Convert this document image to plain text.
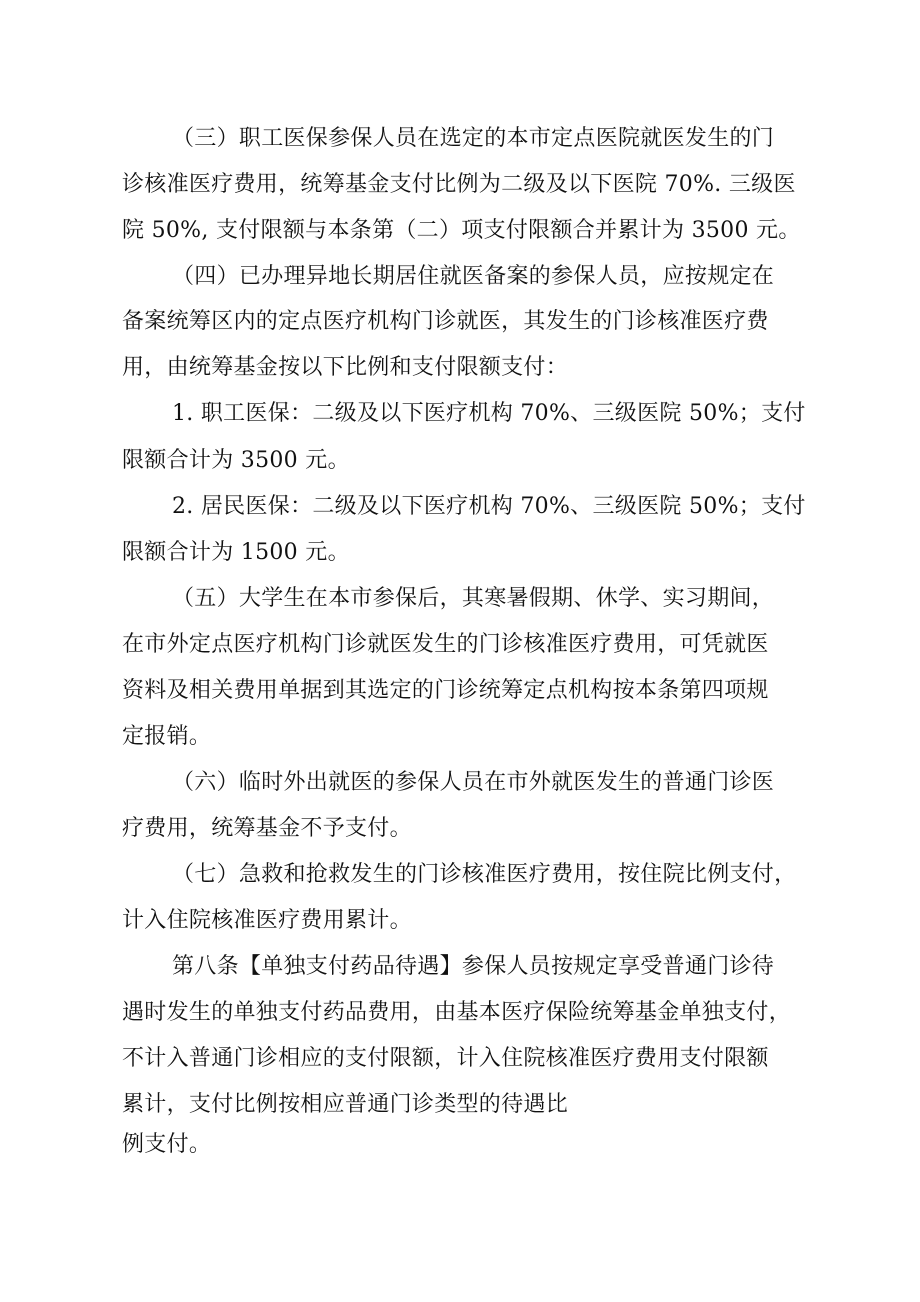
（三）职工医保参保人员在选定的本市定点医院就医发生的门
诊核准医疗费用，统筹基金支付比例为二级及以下医院 70%. 三级医
院 50%, 支付限额与本条第（二）项支付限额合并累计为 3500 元。
（四）已办理异地长期居住就医备案的参保人员，应按规定在
备案统筹区内的定点医疗机构门诊就医，其发生的门诊核准医疗费
用，由统筹基金按以下比例和支付限额支付：
1. 职工医保：二级及以下医疗机构 70%、三级医院 50%；支付
限额合计为 3500 元。
2. 居民医保：二级及以下医疗机构 70%、三级医院 50%；支付
限额合计为 1500 元。
（五）大学生在本市参保后，其寒暑假期、休学、实习期间，
在市外定点医疗机构门诊就医发生的门诊核准医疗费用，可凭就医
资料及相关费用单据到其选定的门诊统筹定点机构按本条第四项规
定报销。
（六）临时外出就医的参保人员在市外就医发生的普通门诊医
疗费用，统筹基金不予支付。
（七）急救和抢救发生的门诊核准医疗费用，按住院比例支付，
计入住院核准医疗费用累计。
第八条【单独支付药品待遇】参保人员按规定享受普通门诊待
遇时发生的单独支付药品费用，由基本医疗保险统筹基金单独支付，
不计入普通门诊相应的支付限额，计入住院核准医疗费用支付限额
累计，支付比例按相应普通门诊类型的待遇比
例支付。
